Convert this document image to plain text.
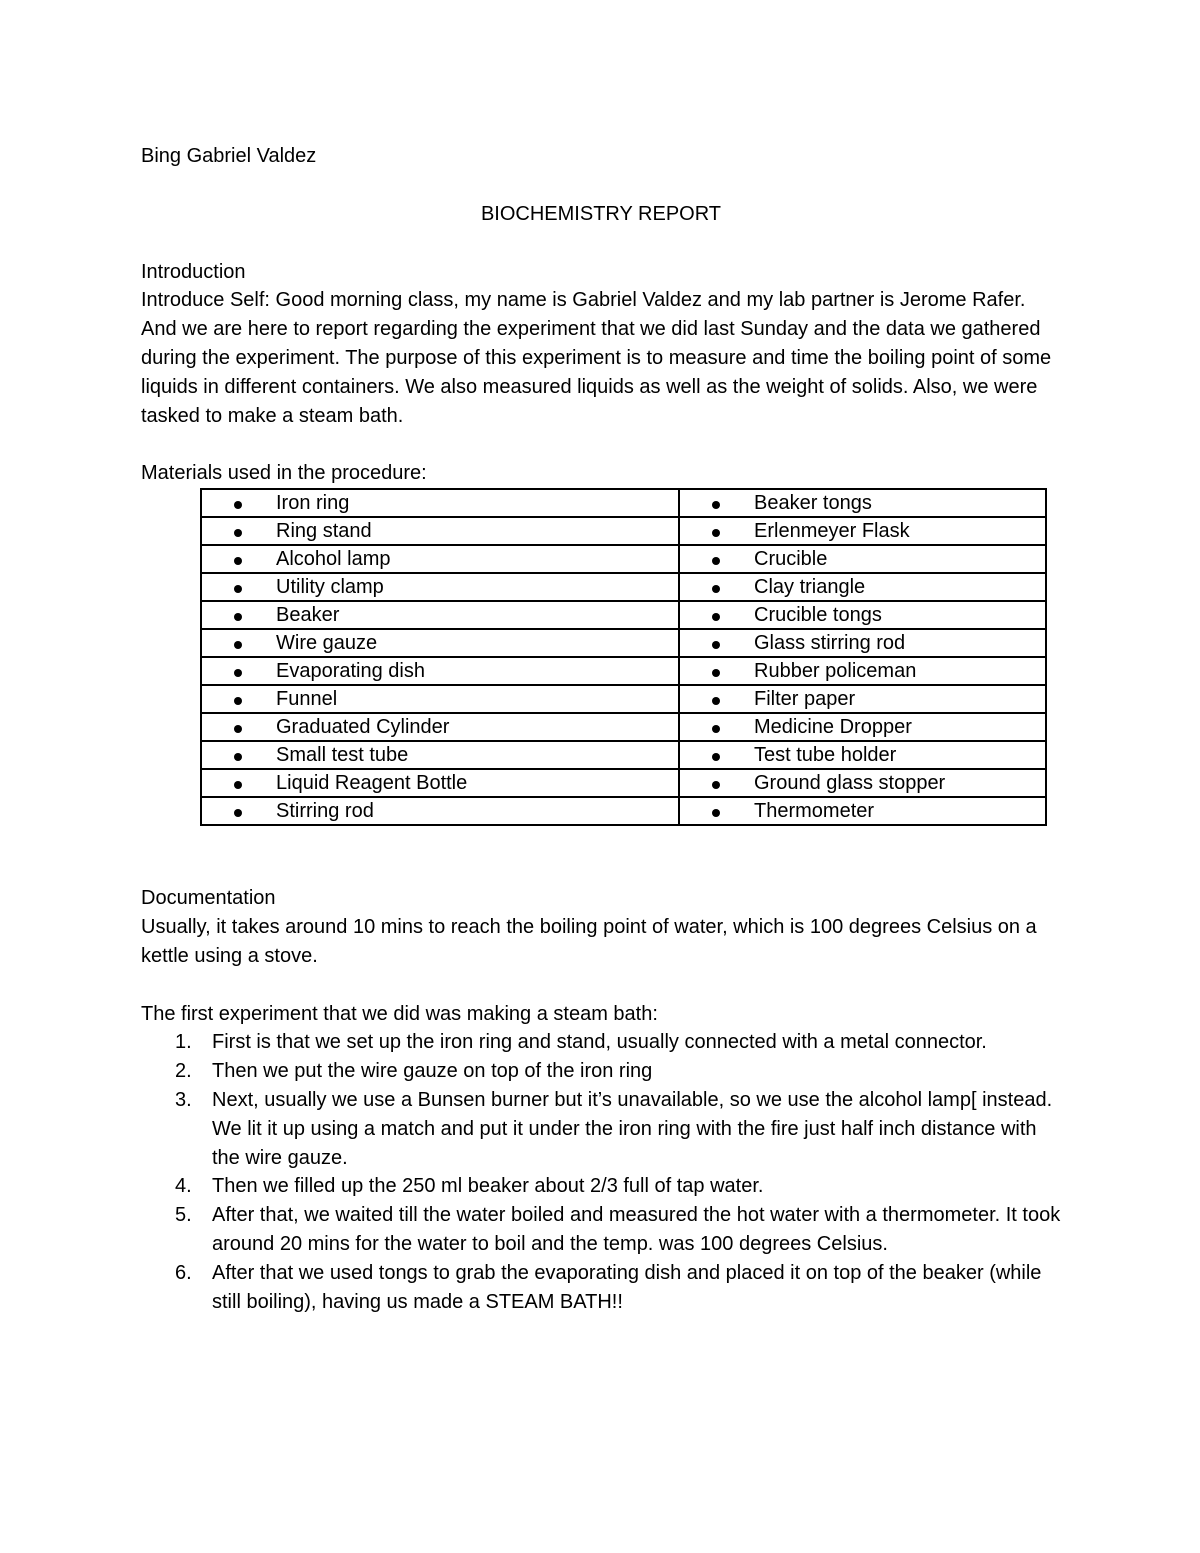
Bing Gabriel Valdez

BIOCHEMISTRY REPORT

Introduction

Introduce Self: Good morning class, my name is Gabriel Valdez and my lab partner is Jerome Rafer. And we are here to report regarding the experiment that we did last Sunday and the data we gathered during the experiment. The purpose of this experiment is to measure and time the boiling point of some liquids in different containers. We also measured liquids as well as the weight of solids. Also, we were tasked to make a steam bath.

Materials used in the procedure:

Iron ring	Beaker tongs

Ring stand	Erlenmeyer Flask

Alcohol lamp	Crucible

Utility clamp	Clay triangle

Beaker	Crucible tongs

Wire gauze	Glass stirring rod

Evaporating dish	Rubber policeman

Funnel	Filter paper

Graduated Cylinder	Medicine Dropper

Small test tube	Test tube holder

Liquid Reagent Bottle	Ground glass stopper

Stirring rod	Thermometer

Documentation

Usually, it takes around 10 mins to reach the boiling point of water, which is 100 degrees Celsius on a kettle using a stove.

The first experiment that we did was making a steam bath:

1. First is that we set up the iron ring and stand, usually connected with a metal connector.
2. Then we put the wire gauze on top of the iron ring
3. Next, usually we use a Bunsen burner but it’s unavailable, so we use the alcohol lamp[ instead. We lit it up using a match and put it under the iron ring with the fire just half inch distance with the wire gauze.
4. Then we filled up the 250 ml beaker about 2/3 full of tap water.
5. After that, we waited till the water boiled and measured the hot water with a thermometer. It took around 20 mins for the water to boil and the temp. was 100 degrees Celsius.
6. After that we used tongs to grab the evaporating dish and placed it on top of the beaker (while still boiling), having us made a STEAM BATH!!
